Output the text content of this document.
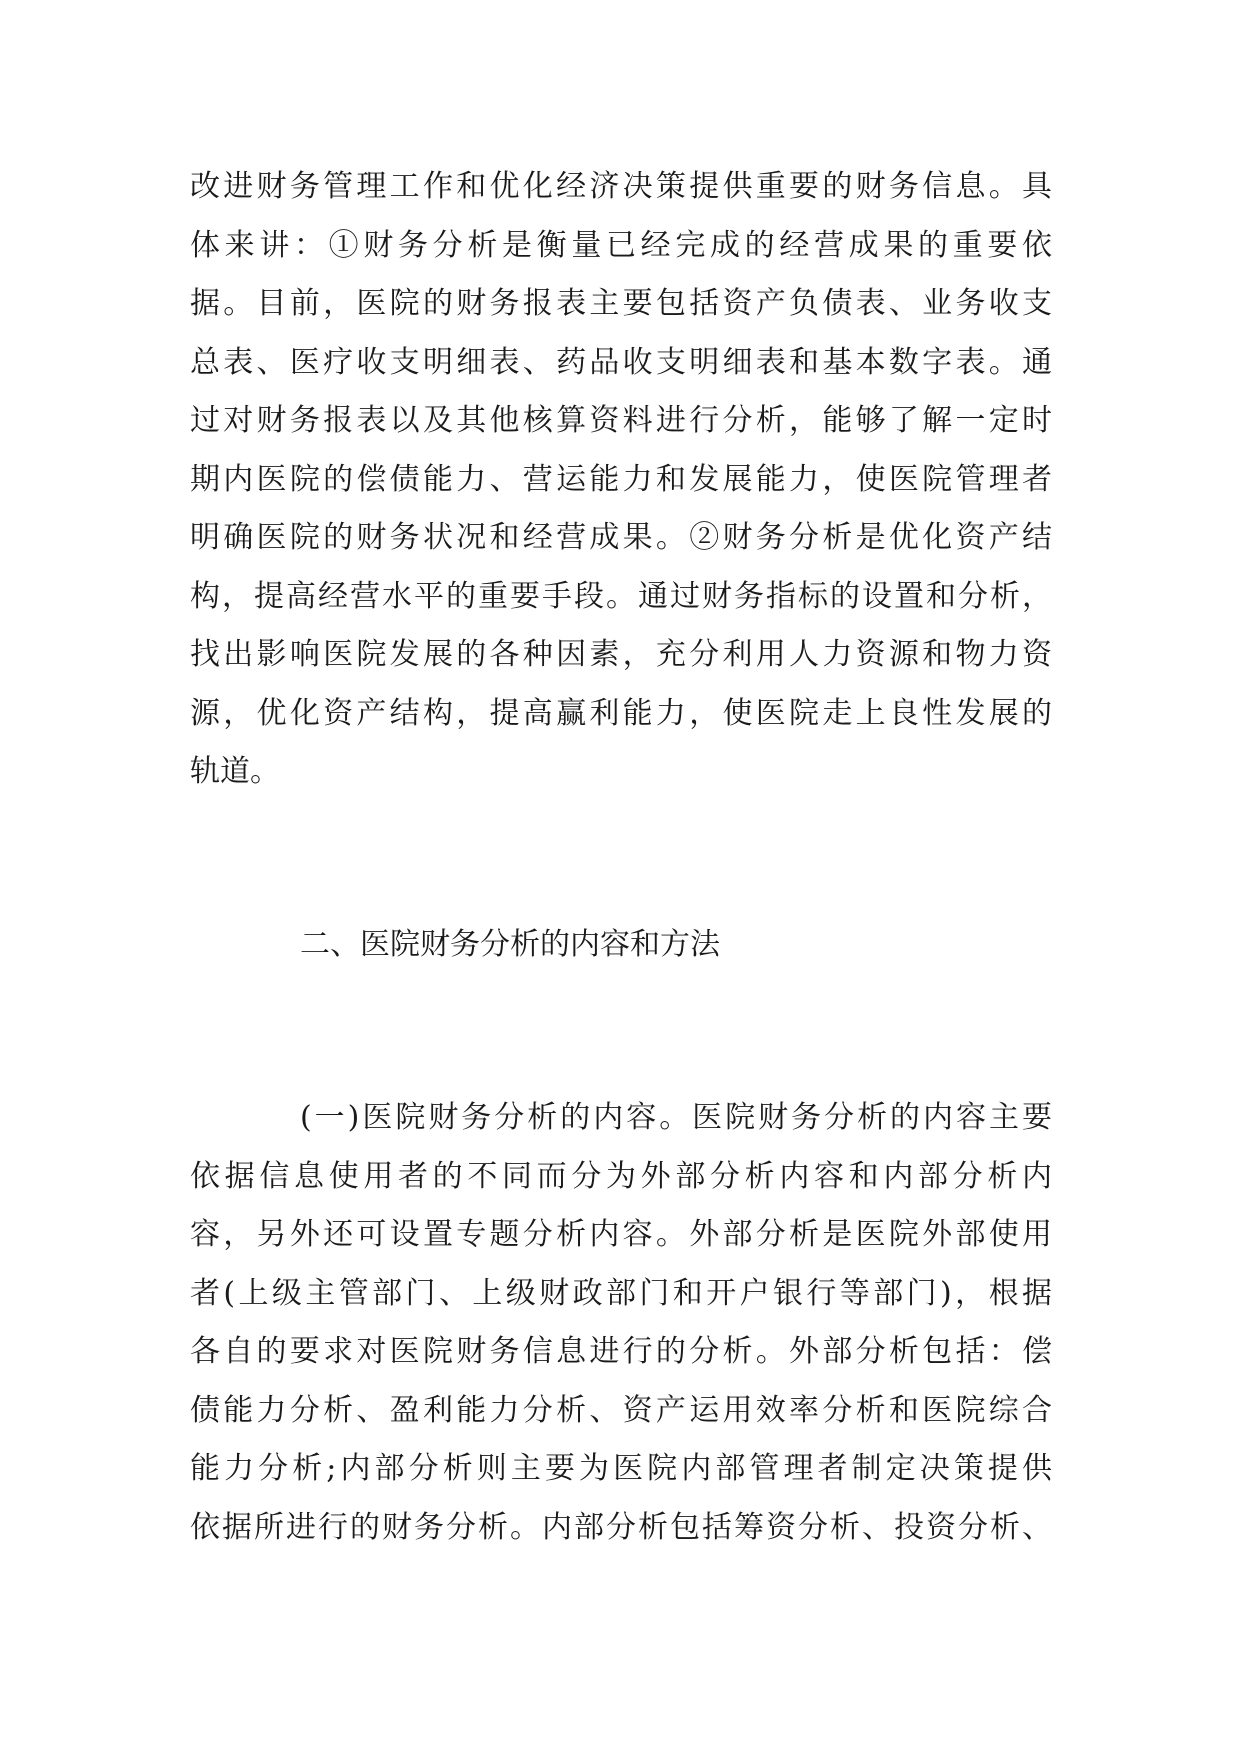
改进财务管理工作和优化经济决策提供重要的财务信息。具
体来讲：①财务分析是衡量已经完成的经营成果的重要依
据。目前，医院的财务报表主要包括资产负债表、业务收支
总表、医疗收支明细表、药品收支明细表和基本数字表。通
过对财务报表以及其他核算资料进行分析，能够了解一定时
期内医院的偿债能力、营运能力和发展能力，使医院管理者
明确医院的财务状况和经营成果。②财务分析是优化资产结
构，提高经营水平的重要手段。通过财务指标的设置和分析，
找出影响医院发展的各种因素，充分利用人力资源和物力资
源，优化资产结构，提高赢利能力，使医院走上良性发展的
轨道。
二、医院财务分析的内容和方法
(一)医院财务分析的内容。医院财务分析的内容主要
依据信息使用者的不同而分为外部分析内容和内部分析内
容，另外还可设置专题分析内容。外部分析是医院外部使用
者(上级主管部门、上级财政部门和开户银行等部门)，根据
各自的要求对医院财务信息进行的分析。外部分析包括：偿
债能力分析、盈利能力分析、资产运用效率分析和医院综合
能力分析;内部分析则主要为医院内部管理者制定决策提供
依据所进行的财务分析。内部分析包括筹资分析、投资分析、
